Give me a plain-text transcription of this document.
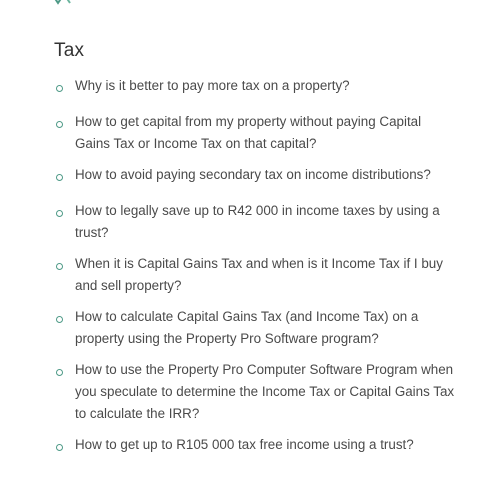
Tax
Why is it better to pay more tax on a property?
How to get capital from my property without paying Capital Gains Tax or Income Tax on that capital?
How to avoid paying secondary tax on income distributions?
How to legally save up to R42 000 in income taxes by using a trust?
When it is Capital Gains Tax and when is it Income Tax if I buy and sell property?
How to calculate Capital Gains Tax (and Income Tax) on a property using the Property Pro Software program?
How to use the Property Pro Computer Software Program when you speculate to determine the Income Tax or Capital Gains Tax to calculate the IRR?
How to get up to R105 000 tax free income using a trust?
